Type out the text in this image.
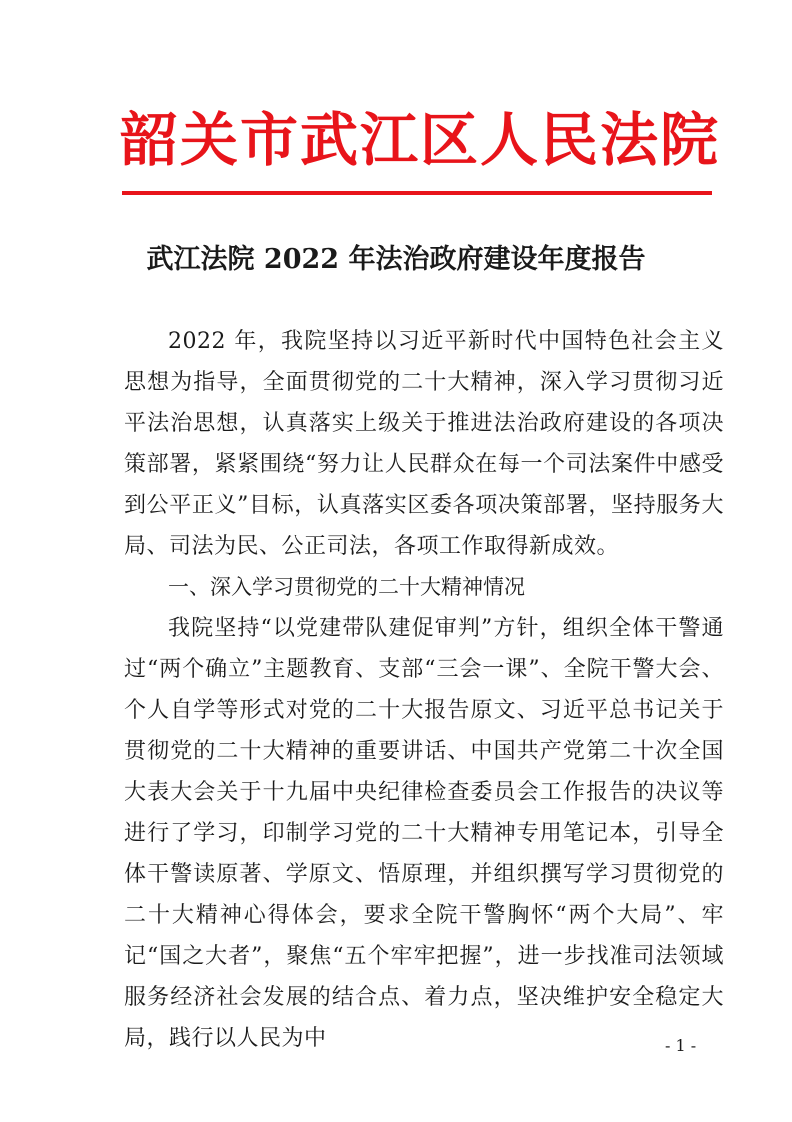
韶关市武江区人民法院
武江法院 2022 年法治政府建设年度报告

2022 年，我院坚持以习近平新时代中国特色社会主义思想为指导，全面贯彻党的二十大精神，深入学习贯彻习近平法治思想，认真落实上级关于推进法治政府建设的各项决策部署，紧紧围绕“努力让人民群众在每一个司法案件中感受到公平正义”目标，认真落实区委各项决策部署，坚持服务大局、司法为民、公正司法，各项工作取得新成效。

一、深入学习贯彻党的二十大精神情况

我院坚持“以党建带队建促审判”方针，组织全体干警通过“两个确立”主题教育、支部“三会一课”、全院干警大会、个人自学等形式对党的二十大报告原文、习近平总书记关于贯彻党的二十大精神的重要讲话、中国共产党第二十次全国大表大会关于十九届中央纪律检查委员会工作报告的决议等进行了学习，印制学习党的二十大精神专用笔记本，引导全体干警读原著、学原文、悟原理，并组织撰写学习贯彻党的二十大精神心得体会，要求全院干警胸怀“两个大局”、牢记“国之大者”，聚焦“五个牢牢把握”，进一步找准司法领域服务经济社会发展的结合点、着力点，坚决维护安全稳定大局，践行以人民为中	- 1 -
